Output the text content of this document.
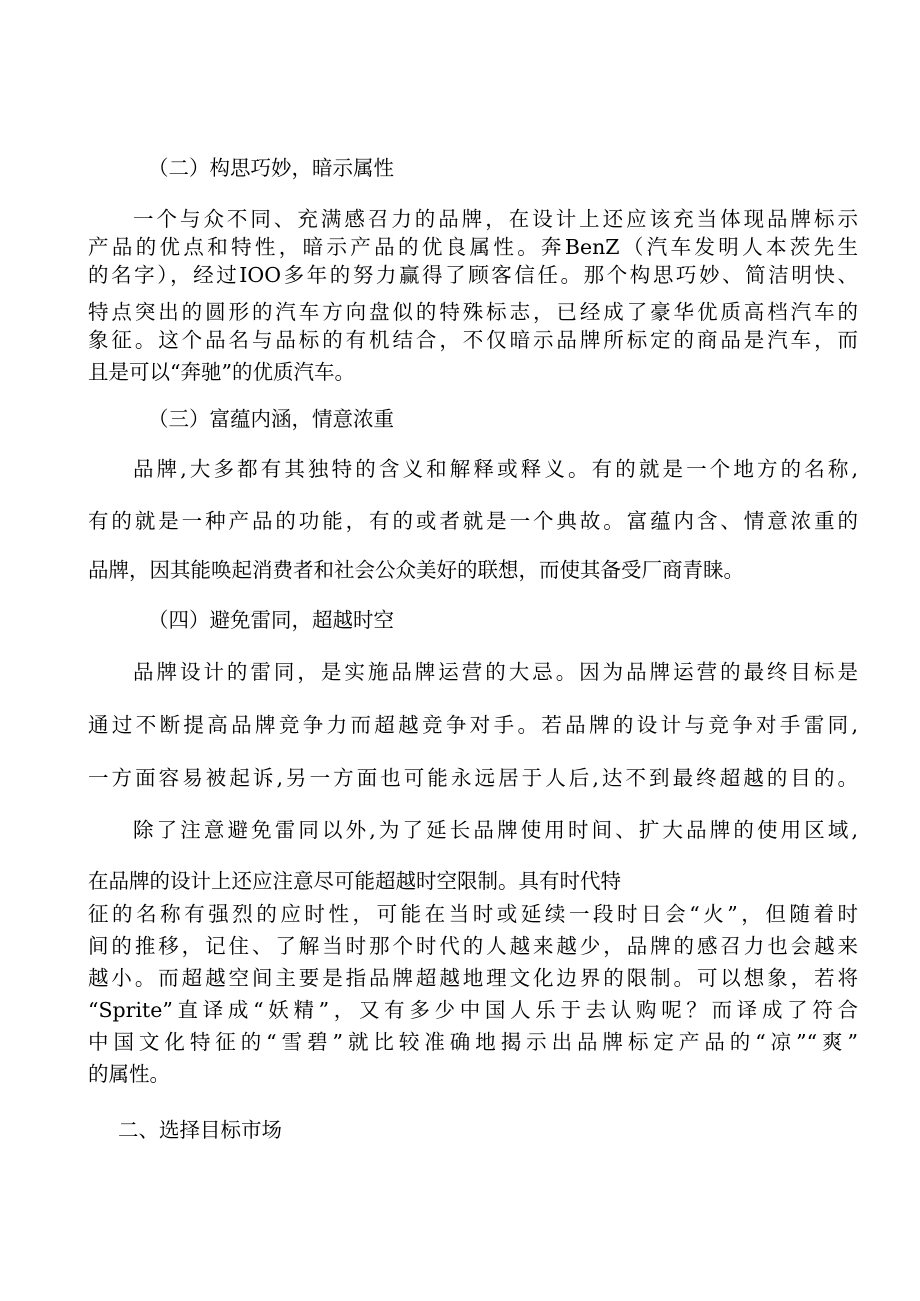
（二）构思巧妙，暗示属性

一个与众不同、充满感召力的品牌，在设计上还应该充当体现品牌标示

产品的优点和特性，暗示产品的优良属性。奔BenZ（汽车发明人本茨先生

的名字），经过IOO多年的努力赢得了顾客信任。那个构思巧妙、简洁明快、

特点突出的圆形的汽车方向盘似的特殊标志，已经成了豪华优质高档汽车的

象征。这个品名与品标的有机结合，不仅暗示品牌所标定的商品是汽车，而

且是可以“奔驰”的优质汽车。

（三）富蕴内涵，情意浓重

品牌,大多都有其独特的含义和解释或释义。有的就是一个地方的名称,

有的就是一种产品的功能，有的或者就是一个典故。富蕴内含、情意浓重的

品牌，因其能唤起消费者和社会公众美好的联想，而使其备受厂商青睐。

（四）避免雷同，超越时空

品牌设计的雷同，是实施品牌运营的大忌。因为品牌运营的最终目标是

通过不断提高品牌竞争力而超越竞争对手。若品牌的设计与竞争对手雷同,

一方面容易被起诉,另一方面也可能永远居于人后,达不到最终超越的目的。

除了注意避免雷同以外,为了延长品牌使用时间、扩大品牌的使用区域,

在品牌的设计上还应注意尽可能超越时空限制。具有时代特

征的名称有强烈的应时性，可能在当时或延续一段时日会“火”，但随着时

间的推移，记住、了解当时那个时代的人越来越少，品牌的感召力也会越来

越小。而超越空间主要是指品牌超越地理文化边界的限制。可以想象，若将

“Sprite”直译成“妖精”，又有多少中国人乐于去认购呢？而译成了符合

中国文化特征的“雪碧”就比较准确地揭示出品牌标定产品的“凉”“爽”

的属性。

二、选择目标市场
